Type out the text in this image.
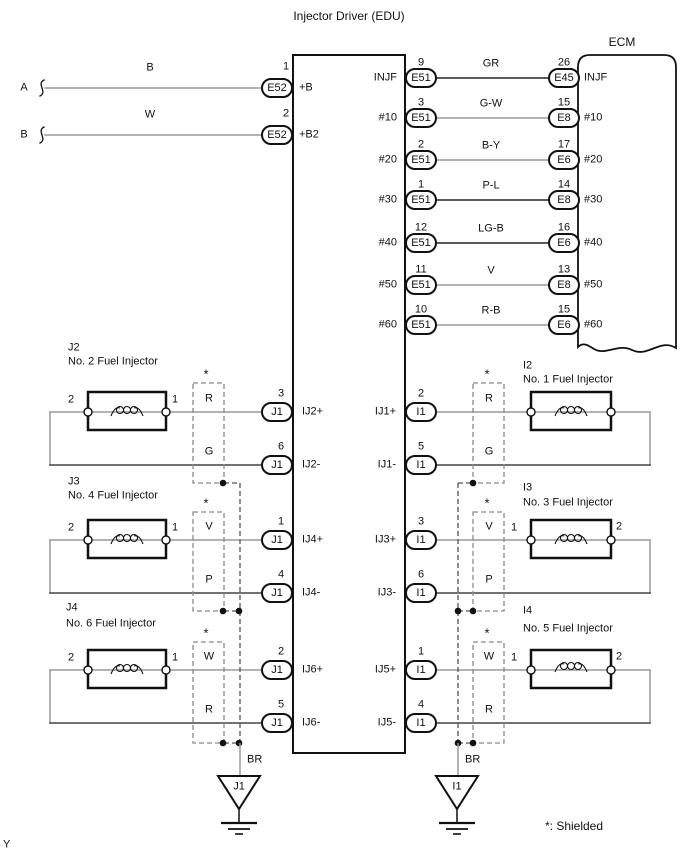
Injector Driver (EDU)
ECM
A
B	1
E52	+B
B
W	2
E52	+B2
INJF
9
E51
GR	26
E45 INJF
#10
3
E51
G-W	15
E8	#10
#20
2
E51
B-Y	17
E6	#20
#30
1
E51
P-L	14
E8	#30
#40
12
E51
LG-B	16
E6	#40
#50
11
E51
V	13
E8	#50
#60
10
E51
R-B	15
E6	#60
J2
No. 2 Fuel Injector
2	1
*
R
G
3
J1	IJ2+
6
J1	IJ2-
J3
No. 4 Fuel Injector
2	1
*
V
P
1
J1	IJ4+
4
J1	IJ4-
J4
No. 6 Fuel Injector
2	1
*
W
R
2
J1	IJ6+
5
J1	IJ6-
I2
No. 1 Fuel Injector
*
R
G
2
I1
IJ1+
5
I1
IJ1-
I3
No. 3 Fuel Injector
1	2
*
V
P
3
I1
IJ3+
6
I1
IJ3-
I4
No. 5 Fuel Injector
1	2
*
W
R
1
I1
IJ5+
4
I1
IJ5-
BR
J1
BR
I1
*: Shielded
Y
